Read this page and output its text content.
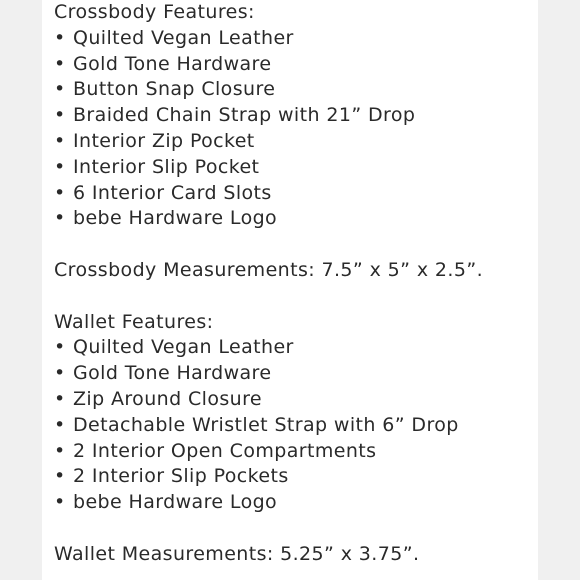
Crossbody Features:
• Quilted Vegan Leather
• Gold Tone Hardware
• Button Snap Closure
• Braided Chain Strap with 21” Drop
• Interior Zip Pocket
• Interior Slip Pocket
• 6 Interior Card Slots
• bebe Hardware Logo
Crossbody Measurements: 7.5” x 5” x 2.5”.
Wallet Features:
• Quilted Vegan Leather
• Gold Tone Hardware
• Zip Around Closure
• Detachable Wristlet Strap with 6” Drop
• 2 Interior Open Compartments
• 2 Interior Slip Pockets
• bebe Hardware Logo
Wallet Measurements: 5.25” x 3.75”.
